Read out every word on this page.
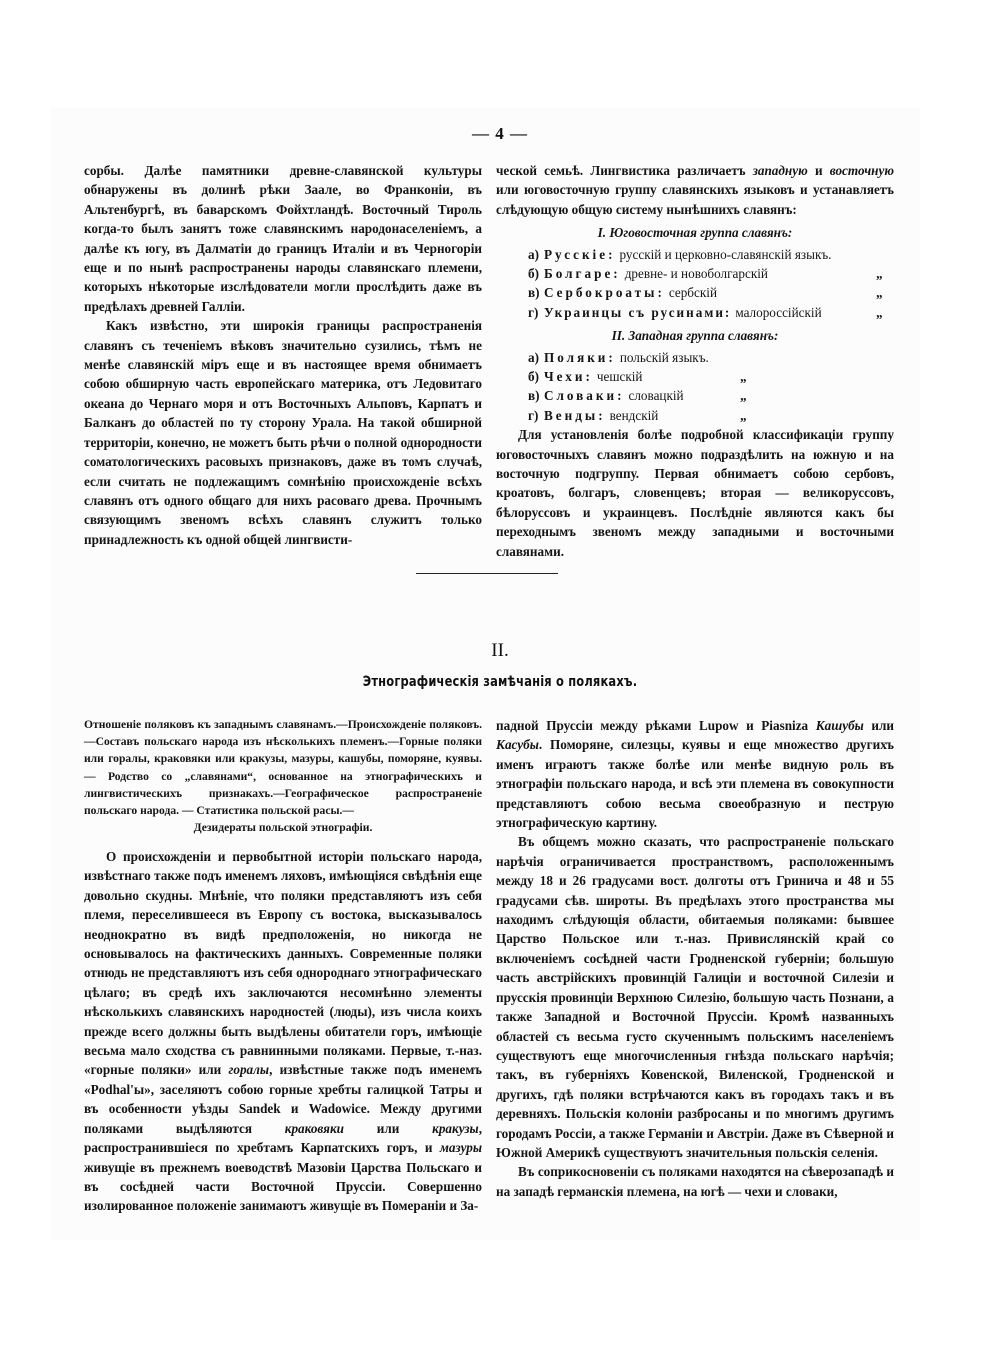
— 4 —

сорбы. Далѣе памятники древне-славянской культуры обнаружены въ долинѣ рѣки Заале, во Франконіи, въ Альтенбургѣ, въ баварскомъ Фойхтландѣ. Восточный Тироль когда-то былъ занятъ тоже славянскимъ народонаселеніемъ, а далѣе къ югу, въ Далматіи до границъ Италіи и въ Черногоріи еще и по нынѣ распространены народы славянскаго племени, которыхъ нѣкоторые изслѣдователи могли прослѣдить даже въ предѣлахъ древней Галліи.

Какъ извѣстно, эти широкія границы распространенія славянъ съ теченіемъ вѣковъ значительно сузились, тѣмъ не менѣе славянскій міръ еще и въ настоящее время обнимаетъ собою обширную часть европейскаго материка, отъ Ледовитаго океана до Чернаго моря и отъ Восточныхъ Альповъ, Карпатъ и Балканъ до областей по ту сторону Урала. На такой обширной территоріи, конечно, не можетъ быть рѣчи о полной однородности соматологическихъ расовыхъ признаковъ, даже въ томъ случаѣ, если считать не подлежащимъ сомнѣнію происхожденіе всѣхъ славянъ отъ одного общаго для нихъ расоваго древа. Прочнымъ связующимъ звеномъ всѣхъ славянъ служитъ только принадлежность къ одной общей лингвисти-

ческой семьѣ. Лингвистика различаетъ западную и восточную или юговосточную группу славянскихъ языковъ и устанавляетъ слѣдующую общую систему нынѣшнихъ славянъ:

I. Юговосточная группа славянъ:
а) Русскіе: русскій и церковно-славянскій языкъ.
б) Болгаре: древне- и новоболгарскій	„
в) Сербокроаты: сербскій	„
г) Украинцы съ русинами: малороссійскій	„
II. Западная группа славянъ:
а) Поляки: польскій языкъ.
б) Чехи: чешскій	„
в) Словаки: словацкій	„
г) Венды: вендскій	„

Для установленія болѣе подробной классификаціи группу юговосточныхъ славянъ можно подраздѣлить на южную и на восточную подгруппу. Первая обнимаетъ собою сербовъ, кроатовъ, болгаръ, словенцевъ; вторая — великоруссовъ, бѣлоруссовъ и украинцевъ. Послѣдніе являются какъ бы переходнымъ звеномъ между западными и восточными славянами.

II.
Этнографическія замѣчанія о полякахъ.
Отношеніе поляковъ къ западнымъ славянамъ.—Происхожденіе поляковъ.—Составъ польскаго народа изъ нѣсколькихъ племенъ.—Горные поляки или горалы, краковяки или кракузы, мазуры, кашубы, поморяне, куявы. — Родство со „славянами“, основанное на этнографическихъ и лингвистическихъ признакахъ.—Географическое распространеніе польскаго народа. — Статистика польской расы.—
Дезидераты польской этнографіи.

О происхожденіи и первобытной исторіи польскаго народа, извѣстнаго также подъ именемъ ляховъ, имѣющіяся свѣдѣнія еще довольно скудны. Мнѣніе, что поляки представляютъ изъ себя племя, переселившееся въ Европу съ востока, высказывалось неоднократно въ видѣ предположенія, но никогда не основывалось на фактическихъ данныхъ. Современные поляки отнюдь не представляютъ изъ себя однороднаго этнографическаго цѣлаго; въ средѣ ихъ заключаются несомнѣнно элементы нѣсколькихъ славянскихъ народностей (люды), изъ числа коихъ прежде всего должны быть выдѣлены обитатели горъ, имѣющіе весьма мало сходства съ равнинными поляками. Первые, т.-наз. «горные поляки» или горалы, извѣстные также подъ именемъ «Podhal'ы», заселяютъ собою горные хребты галицкой Татры и въ особенности уѣзды Sandek и Wadowice. Между другими поляками выдѣляются краковяки или кракузы, распространившіеся по хребтамъ Карпатскихъ горъ, и мазуры живущіе въ прежнемъ воеводствѣ Мазовіи Царства Польскаго и въ сосѣдней части Восточной Пруссіи. Совершенно изолированное положеніе занимаютъ живущіе въ Помераніи и За-

падной Пруссіи между рѣками Lupow и Piasniza Кашубы или Касубы. Поморяне, силезцы, куявы и еще множество другихъ именъ играютъ также болѣе или менѣе видную роль въ этнографіи польскаго народа, и всѣ эти племена въ совокупности представляютъ собою весьма своеобразную и пеструю этнографическую картину.

Въ общемъ можно сказать, что распространеніе польскаго нарѣчія ограничивается пространствомъ, расположеннымъ между 18 и 26 градусами вост. долготы отъ Гринича и 48 и 55 градусами сѣв. широты. Въ предѣлахъ этого пространства мы находимъ слѣдующія области, обитаемыя поляками: бывшее Царство Польское или т.-наз. Привислянскій край со включеніемъ сосѣдней части Гродненской губерніи; большую часть австрійскихъ провинцій Галиціи и восточной Силезіи и прусскія провинціи Верхнюю Силезію, большую часть Познани, а также Западной и Восточной Пруссіи. Кромѣ названныхъ областей съ весьма густо скученнымъ польскимъ населеніемъ существуютъ еще многочисленныя гнѣзда польскаго нарѣчія; такъ, въ губерніяхъ Ковенской, Виленской, Гродненской и другихъ, гдѣ поляки встрѣчаются какъ въ городахъ такъ и въ деревняхъ. Польскія колоніи разбросаны и по многимъ другимъ городамъ Россіи, а также Германіи и Австріи. Даже въ Сѣверной и Южной Америкѣ существуютъ значительныя польскія селенія.

Въ соприкосновеніи съ поляками находятся на сѣверозападѣ и на западѣ германскія племена, на югѣ — чехи и словаки,
